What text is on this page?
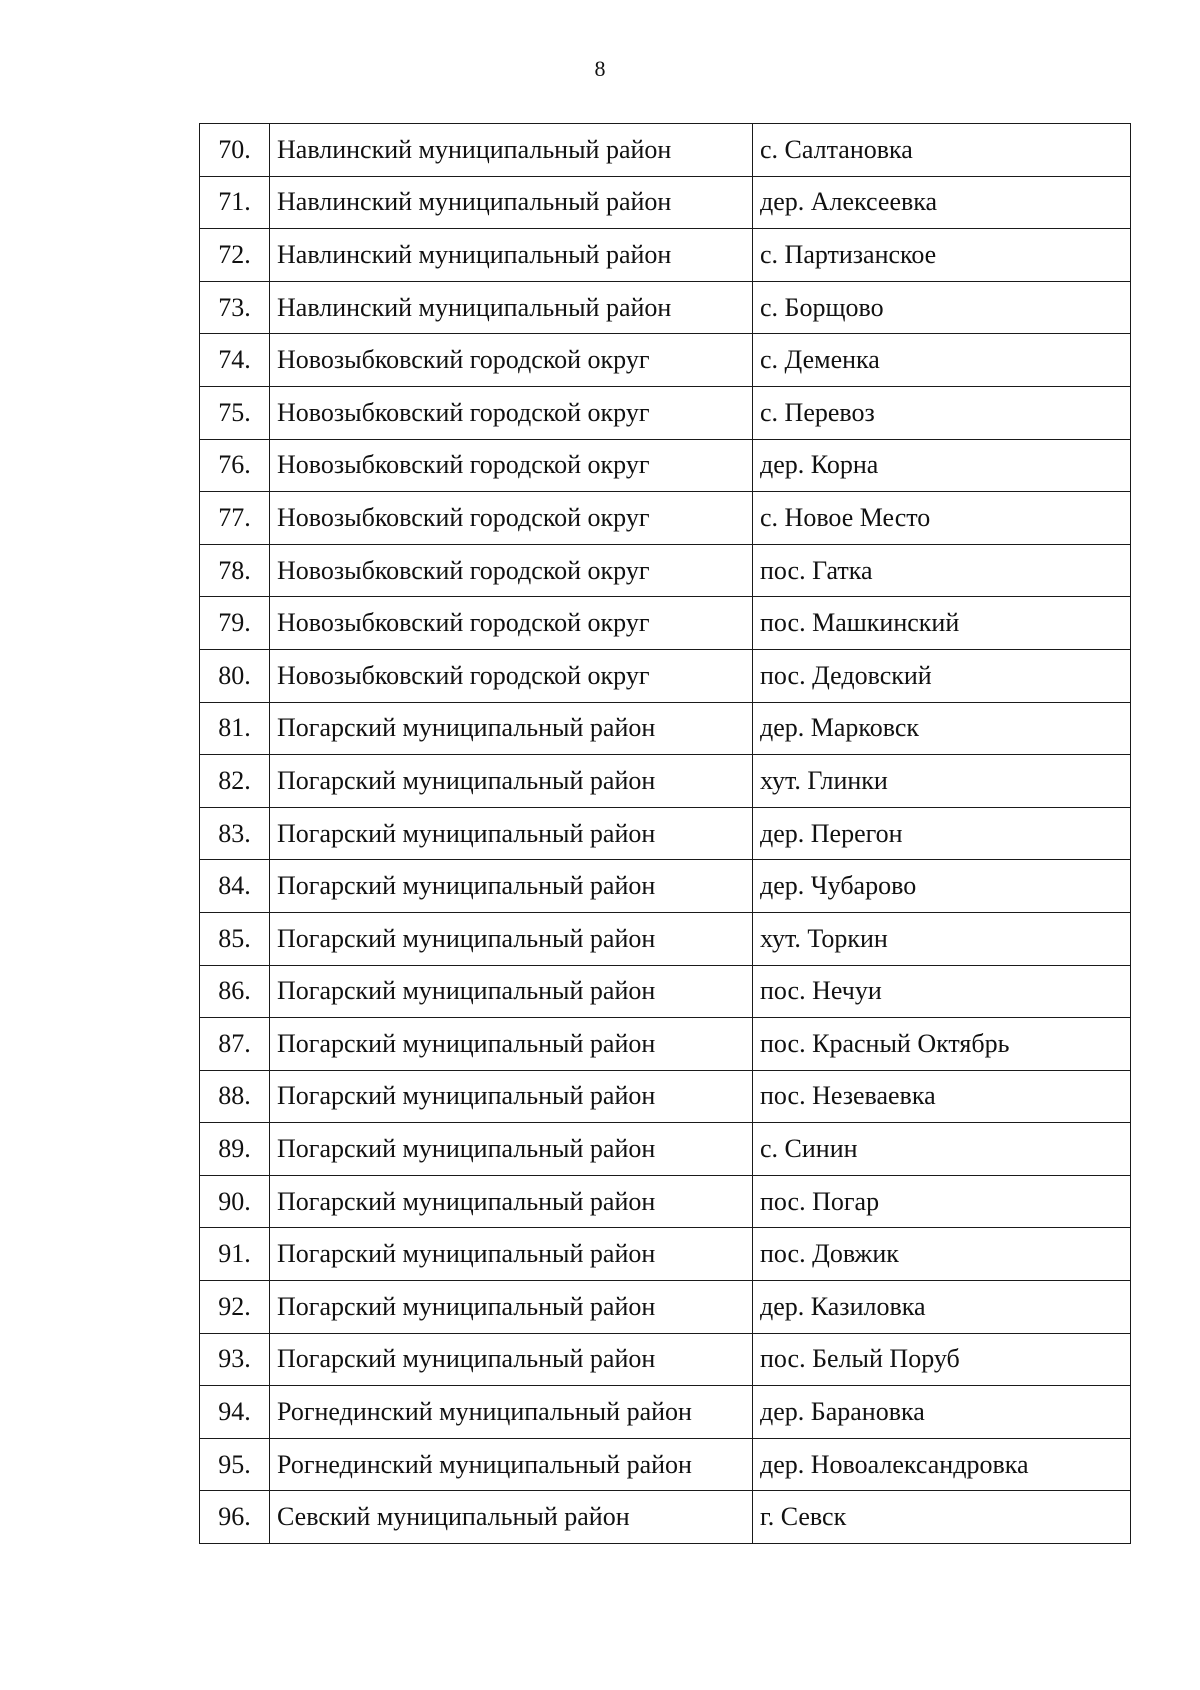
8
70.	Навлинский муниципальный район	с. Салтановка
71.	Навлинский муниципальный район	дер. Алексеевка
72.	Навлинский муниципальный район	с. Партизанское
73.	Навлинский муниципальный район	с. Борщово
74.	Новозыбковский городской округ	с. Деменка
75.	Новозыбковский городской округ	с. Перевоз
76.	Новозыбковский городской округ	дер. Корна
77.	Новозыбковский городской округ	с. Новое Место
78.	Новозыбковский городской округ	пос. Гатка
79.	Новозыбковский городской округ	пос. Машкинский
80.	Новозыбковский городской округ	пос. Дедовский
81.	Погарский муниципальный район	дер. Марковск
82.	Погарский муниципальный район	хут. Глинки
83.	Погарский муниципальный район	дер. Перегон
84.	Погарский муниципальный район	дер. Чубарово
85.	Погарский муниципальный район	хут. Торкин
86.	Погарский муниципальный район	пос. Нечуи
87.	Погарский муниципальный район	пос. Красный Октябрь
88.	Погарский муниципальный район	пос. Незеваевка
89.	Погарский муниципальный район	с. Синин
90.	Погарский муниципальный район	пос. Погар
91.	Погарский муниципальный район	пос. Довжик
92.	Погарский муниципальный район	дер. Казиловка
93.	Погарский муниципальный район	пос. Белый Поруб
94.	Рогнединский муниципальный район	дер. Барановка
95.	Рогнединский муниципальный район	дер. Новоалександровка
96.	Севский муниципальный район	г. Севск
